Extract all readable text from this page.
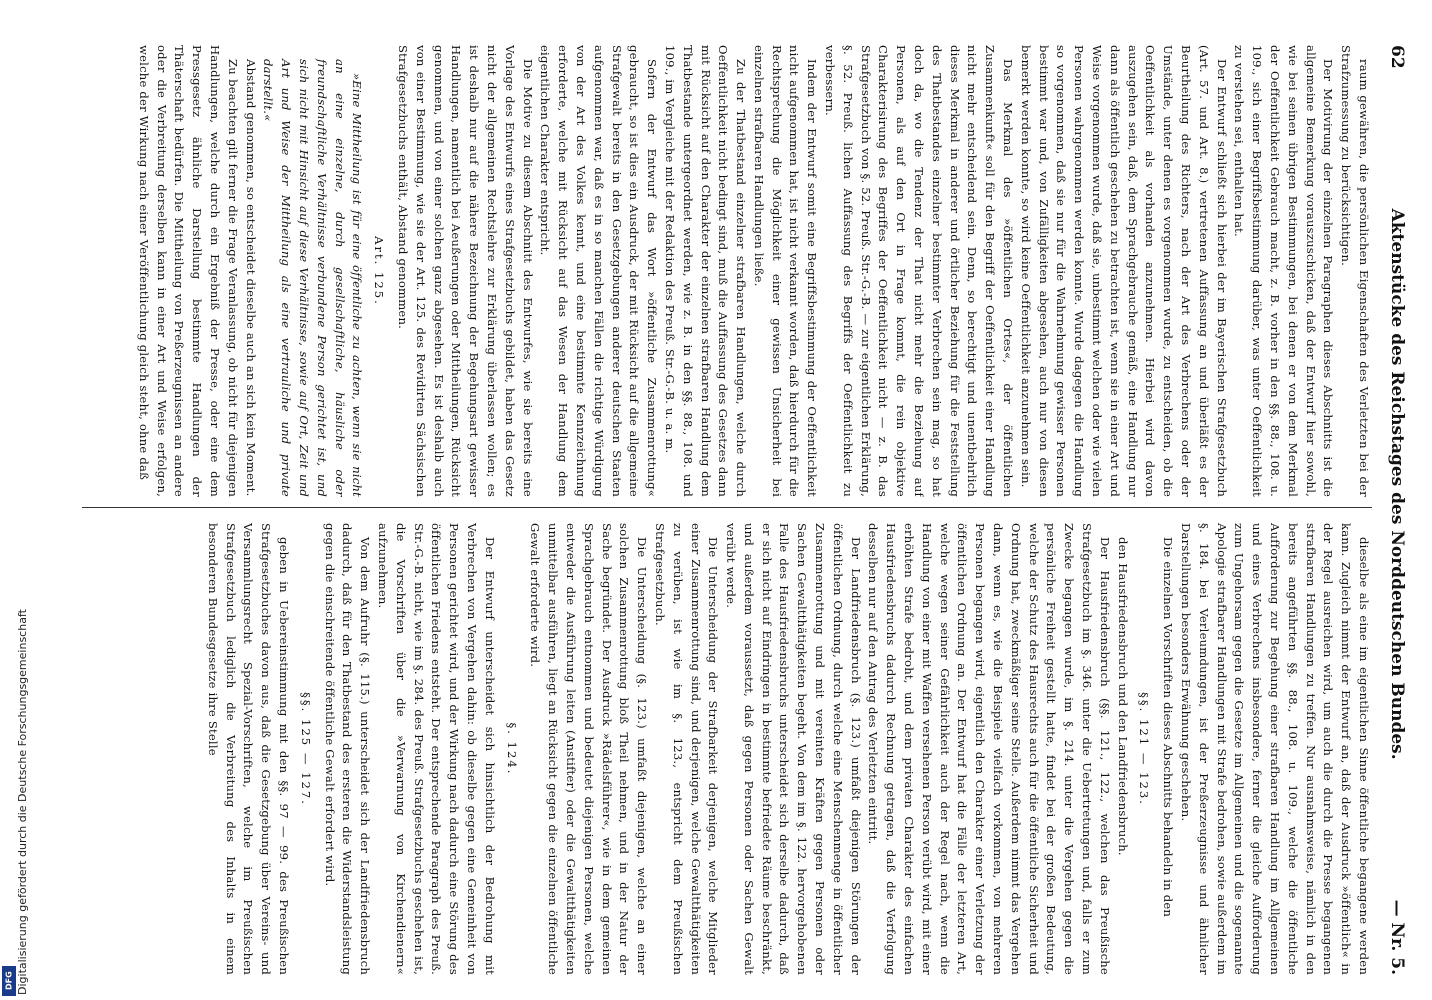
Digitalisierung gefördert durch die Deutsche Forschungsgemeinschaft
DFG
62
Aktenstücke des Reichstages des Norddeutschen Bundes.
— Nr. 5.

raum gewähren, die persönlichen Eigenschaften des Verletzten bei der Strafzumessung zu berücksichtigen.

Der Motivirung der einzelnen Paragraphen dieses Abschnitts ist die allgemeine Bemerkung vorauszuschicken, daß der Entwurf hier sowohl, wie bei seinen übrigen Bestimmungen, bei denen er von dem Merkmal der Oeffentlichkeit Gebrauch macht, z. B. vorher in den §§. 88., 108. u. 109., sich einer Begriffsbestimmung darüber, was unter Oeffentlichkeit zu verstehen sei, enthalten hat.

Der Entwurf schließt sich hierbei der im Bayerischen Strafgesetzbuch (Art. 57. und Art. 8.) vertretenen Auffassung an und überläßt es der Beurtheilung des Richters, nach der Art des Verbrechens oder der Umstände, unter denen es vorgenommen wurde, zu entscheiden, ob die Oeffentlichkeit als vorhanden anzunehmen. Hierbei wird davon auszugehen sein, daß, dem Sprachgebrauche gemäß, eine Handlung nur dann als öffentlich geschehen zu betrachten ist, wenn sie in einer Art und Weise vorgenommen wurde, daß sie, unbestimmt welchen oder wie vielen Personen wahrgenommen werden konnte. Wurde dagegen die Handlung so vorgenommen, daß sie nur für die Wahrnehmung gewisser Personen bestimmt war und, von Zufälligkeiten abgesehen, auch nur von diesen bemerkt werden konnte, so wird keine Oeffentlichkeit anzunehmen sein.

Das Merkmal des »öffentlichen Ortes«, der öffentlichen Zusammenkunft« soll für den Begriff der Oeffentlichkeit einer Handlung nicht mehr entscheidend sein. Denn, so berechtigt und unentbehrlich dieses Merkmal in anderer und örtlicher Beziehung für die Feststellung des Thatbestandes einzelner bestimmter Verbrechen sein mag, so hat doch da, wo die Tendenz der That nicht mehr die Beziehung auf Personen, als auf den Ort in Frage kommt, die rein objektive Charakterisirung des Begriffes der Oeffentlichkeit nicht — z. B. das Strafgesetzbuch von §. 52. Preuß. Str.-G.-B. — zur eigentlichen Erklärung, §. 52. Preuß. lichen Auffassung des Begriffs der Oeffentlichkeit zu verbessern.

Indem der Entwurf somit eine Begriffsbestimmung der Oeffentlichkeit nicht aufgenommen hat, ist nicht verkannt worden, daß hierdurch für die Rechtsprechung die Möglichkeit einer gewissen Unsicherheit bei einzelnen strafbaren Handlungen ließe.

Zu der Thatbestand einzelner strafbaren Handlungen, welche durch Oeffentlichkeit nicht bedingt sind, muß die Auffassung des Gesetzes dann mit Rücksicht auf den Charakter der einzelnen strafbaren Handlung dem Thatbestande untergeordnet werden, wie z. B. in den §§. 88., 108. und 109., im Vergleiche mit der Redaktion des Preuß. Str.-G.-B. u. a. m.

Sofern der Entwurf das Wort »öffentliche Zusammenrottung« gebraucht, so ist dies ein Ausdruck, der mit Rücksicht auf die allgemeine Strafgewalt bereits in den Gesetzgebungen anderer deutschen Staaten aufgenommen war, daß es in so manchen Fällen die richtige Würdigung von der Art des Volkes kennt, und eine bestimmte Kennzeichnung erforderte, welche mit Rücksicht auf das Wesen der Handlung dem eigentlichen Charakter entspricht.

Die Motive zu diesem Abschnitt des Entwurfes, wie sie bereits eine Vorlage des Entwurfs eines Strafgesetzbuchs gebildet, haben das Gesetz nicht der allgemeinen Rechtslehre zur Erklärung überlassen wollen; es ist deshalb nur auf die nähere Bezeichnung der Begehungsart gewisser Handlungen, namentlich bei Aeußerungen oder Mittheilungen, Rücksicht genommen, und von einer solchen ganz abgesehen. Es ist deshalb auch von einer Bestimmung, wie sie der Art. 125. des Revidirten Sächsischen Strafgesetzbuchs enthält, Abstand genommen.

Art. 125.

»Eine Mittheilung ist für eine öffentliche zu achten, wenn sie nicht an eine einzelne, durch gesellschaftliche, häusliche oder freundschaftliche Verhältnisse verbundene Person gerichtet ist, und sich nicht mit Hinsicht auf diese Verhältnisse, sowie auf Ort, Zeit und Art und Weise der Mittheilung als eine vertrauliche und private darstellt.«

Abstand genommen, so entscheidet dieselbe auch an sich kein Moment.

Zu beachten gilt ferner die Frage Veranlassung, ob nicht für diejenigen Handlungen, welche durch ein Ergebniß der Presse, oder eine dem Pressgesetz ähnliche Darstellung bestimmte Handlungen der Thäterschaft bedürfen. Die Mittheilung von Preßerzeugnissen an andere oder die Verbreitung derselben kann in einer Art und Weise erfolgen, welche der Wirkung nach einer Veröffentlichung gleich steht, ohne daß

dieselbe als eine im eigentlichen Sinne öffentliche begangene werden kann. Zugleich nimmt der Entwurf an, daß der Ausdruck »öffentlich« in der Regel ausreichen wird, um auch die durch die Presse begangenen strafbaren Handlungen zu treffen. Nur ausnahmsweise, nämlich in den bereits angeführten §§. 88., 108. u. 109., welche die öffentliche Aufforderung zur Begehung einer strafbaren Handlung im Allgemeinen und eines Verbrechens insbesondere, ferner die gleiche Aufforderung zum Ungehorsam gegen die Gesetze im Allgemeinen und die sogenannte Apologie strafbarer Handlungen mit Strafe bedrohen, sowie außerdem im §. 184. bei Verleumdungen, ist der Preßerzeugnisse und ähnlicher Darstellungen besonders Erwähnung geschehen.

Die einzelnen Vorschriften dieses Abschnitts behandeln in den

§§. 121 — 123.

den Hausfriedensbruch und den Landfriedensbruch.

Der Hausfriedensbruch (§§. 121., 122., welchen das Preußische Strafgesetzbuch im §. 346. unter die Uebertretungen und, falls er zum Zwecke begangen wurde, im §. 214. unter die Vergehen gegen die persönliche Freiheit gestellt hatte, findet bei der großen Bedeutung, welche der Schutz des Hausrechts auch für die öffentliche Sicherheit und Ordnung hat, zweckmäßiger seine Stelle. Außerdem nimmt das Vergehen dann, wenn es, wie die Beispiele vielfach vorkommen, von mehreren Personen begangen wird, eigentlich den Charakter einer Verletzung der öffentlichen Ordnung an. Der Entwurf hat die Fälle der letzteren Art, welche wegen seiner Gefährlichkeit auch der Regel nach, wenn die Handlung von einer mit Waffen versehenen Person verübt wird, mit einer erhöhten Strafe bedroht, und dem privaten Charakter des einfachen Hausfriedensbruchs dadurch Rechnung getragen, daß die Verfolgung desselben nur auf den Antrag des Verletzten eintritt.

Der Landfriedensbruch (§. 123.) umfaßt diejenigen Störungen der öffentlichen Ordnung, durch welche eine Menschenmenge in öffentlicher Zusammenrottung und mit vereinten Kräften gegen Personen oder Sachen Gewaltthätigkeiten begeht. Von dem im §. 122. hervorgehobenen Falle des Hausfriedensbruchs unterscheidet sich derselbe dadurch, daß er sich nicht auf Eindringen in bestimmte befriedete Räume beschränkt, und außerdem voraussetzt, daß gegen Personen oder Sachen Gewalt verübt werde.

Die Unterscheidung der Strafbarkeit derjenigen, welche Mitglieder einer Zusammenrottung sind, und derjenigen, welche Gewaltthätigkeiten zu verüben, ist wie im §. 123., entspricht dem Preußischen Strafgesetzbuch.

Die Unterscheidung (§. 123.) umfaßt diejenigen, welche an einer solchen Zusammenrottung bloß Theil nehmen, und in der Natur der Sache begründet. Der Ausdruck »Rädelsführer«, wie in dem gemeinen Sprachgebrauch entnommen und bedeutet diejenigen Personen, welche entweder die Ausführung leiten (Anstifter) oder die Gewaltthätigkeiten unmittelbar ausführen, liegt an Rücksicht gegen die einzelnen öffentliche Gewalt erforderte wird.

§. 124.

Der Entwurf unterscheidet sich hinsichtlich der Bedrohung mit Verbrechen von Vergehen dahin: ob dieselbe gegen eine Gemeinheit von Personen gerichtet wird, und der Wirkung nach dadurch eine Störung des öffentlichen Friedens entsteht. Der entsprechende Paragraph des Preuß. Str.-G.-B. nicht, wie im §. 284. des Preuß. Strafgesetzbuchs geschehen ist, die Vorschriften über die »Verwarnung von Kirchendienern« aufzunehmen.

Von dem Aufruhr (§. 115.) unterscheidet sich der Landfriedensbruch dadurch, daß für den Thatbestand des ersteren die Widerstandsleistung gegen die einschreitende öffentliche Gewalt erfordert wird.

§§. 125 — 127.

geben in Uebereinstimmung mit den §§. 97 — 99. des Preußischen Strafgesetzbuches davon aus, daß die Gesetzgebung über Vereins- und Versammlungsrecht Spezial-Vorschriften, welche im Preußischen Strafgesetzbuch lediglich die Verbreitung des Inhalts in einem besonderen Bundesgesetze ihre Stelle
